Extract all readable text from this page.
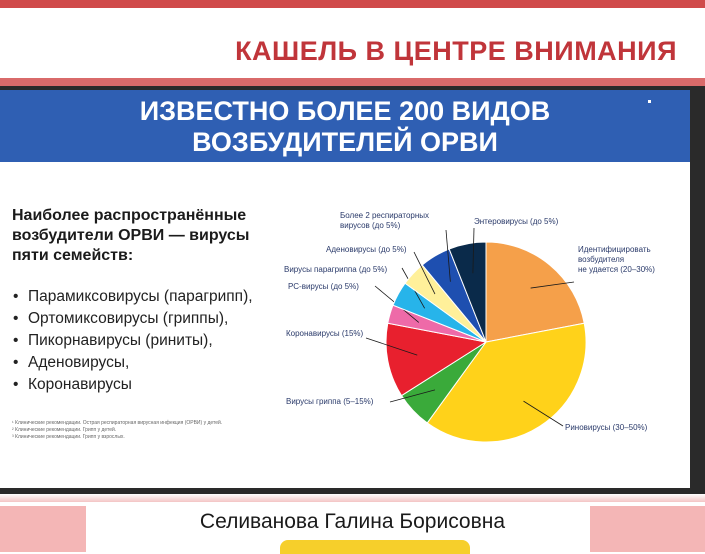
КАШЕЛЬ В ЦЕНТРЕ ВНИМАНИЯ
ИЗВЕСТНО БОЛЕЕ 200 ВИДОВ
ВОЗБУДИТЕЛЕЙ ОРВИ
Наиболее распространённые
возбудители ОРВИ — вирусы
пяти семейств:
• Парамиксовирусы (парагрипп),
• Ортомиксовирусы (гриппы),
• Пикорнавирусы (риниты),
• Аденовирусы,
• Коронавирусы
¹ Клинические рекомендации. Острая респираторная вирусная инфекция (ОРВИ) у детей.
² Клинические рекомендации. Грипп у детей.
³ Клинические рекомендации. Грипп у взрослых.
Идентифицировать возбудителя не удается (20–30%)
Риновирусы (30–50%)
Вирусы гриппа (5–15%)
Коронавирусы (15%)
РС-вирусы (до 5%)
Вирусы парагриппа (до 5%)
Аденовирусы (до 5%)
Более 2 респираторных вирусов (до 5%)	Энтеровирусы (до 5%)
Селиванова Галина Борисовна
